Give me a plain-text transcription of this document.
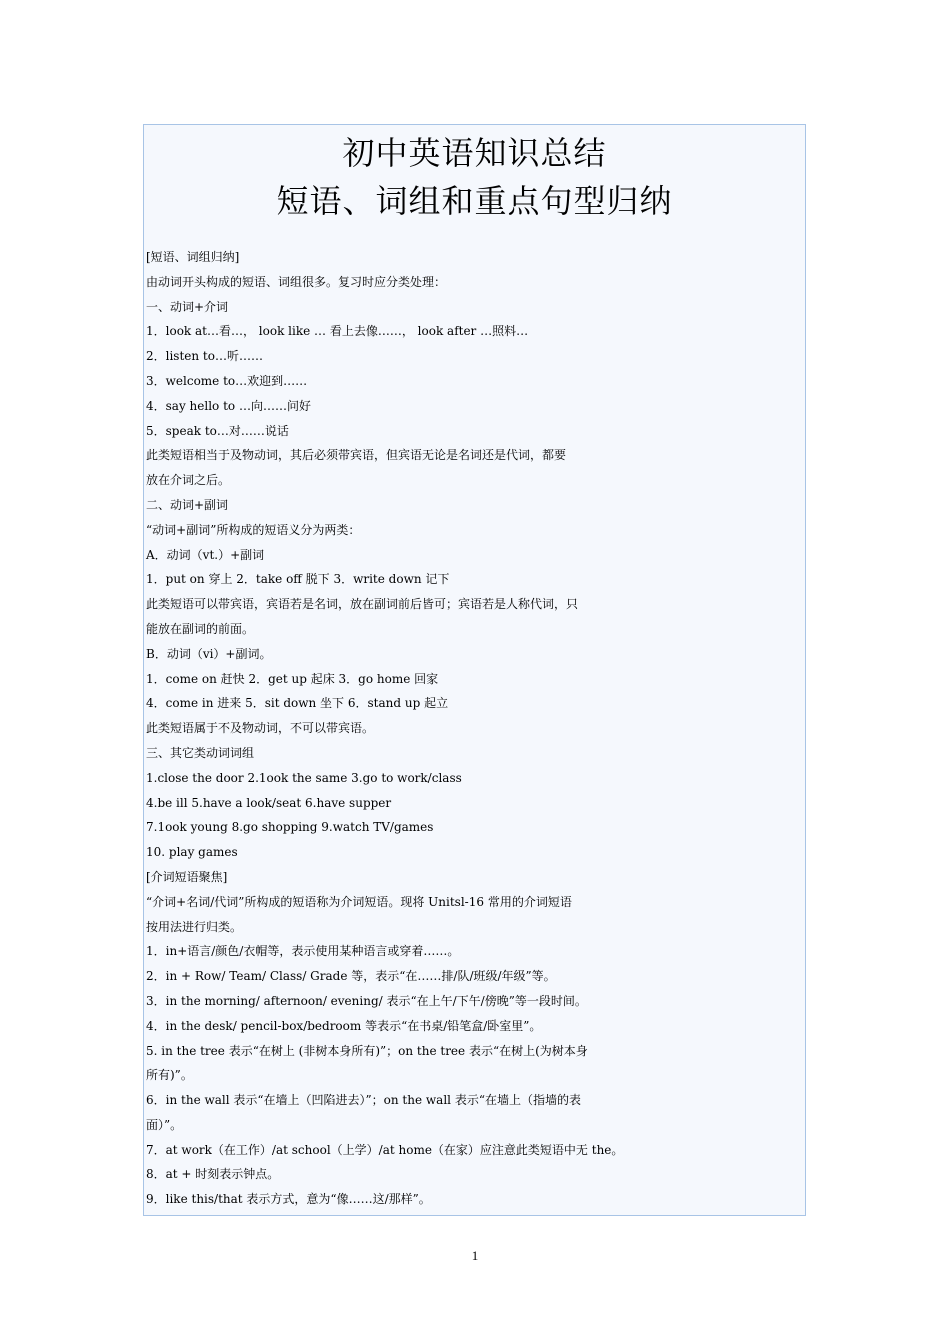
初中英语知识总结
短语、词组和重点句型归纳
[短语、词组归纳]
由动词开头构成的短语、词组很多。复习时应分类处理：
一、动词+介词
1．look at…看…， look like … 看上去像……， look after …照料…
2．listen to…听……
3．welcome to…欢迎到……
4．say hello to …向……问好
5．speak to…对……说话
此类短语相当于及物动词，其后必须带宾语，但宾语无论是名词还是代词，都要
放在介词之后。
二、动词+副词
“动词+副词”所构成的短语义分为两类：
A．动词（vt.）+副词
1．put on 穿上 2．take off 脱下 3．write down 记下
此类短语可以带宾语，宾语若是名词，放在副词前后皆可；宾语若是人称代词，只
能放在副词的前面。
B．动词（vi）+副词。
1．come on 赶快 2．get up 起床 3．go home 回家
4．come in 进来 5．sit down 坐下 6．stand up 起立
此类短语属于不及物动词，不可以带宾语。
三、其它类动词词组
1.close the door 2.1ook the same 3.go to work/class
4.be ill 5.have a look/seat 6.have supper
7.1ook young 8.go shopping 9.watch TV/games
10. play games
[介词短语聚焦]
“介词+名词/代词”所构成的短语称为介词短语。现将 Unitsl-16 常用的介词短语
按用法进行归类。
1．in+语言/颜色/衣帽等，表示使用某种语言或穿着……。
2．in + Row/ Team/ Class/ Grade 等，表示“在……排/队/班级/年级”等。
3．in the morning/ afternoon/ evening/ 表示“在上午/下午/傍晚”等一段时间。
4．in the desk/ pencil-box/bedroom 等表示“在书桌/铅笔盒/卧室里”。
5. in the tree 表示“在树上 (非树本身所有)”；on the tree 表示“在树上(为树本身
所有)”。
6．in the wall 表示“在墙上（凹陷进去）”；on the wall 表示“在墙上（指墙的表
面）”。
7．at work（在工作）/at school（上学）/at home（在家）应注意此类短语中无 the。
8．at + 时刻表示钟点。
9．like this/that 表示方式，意为“像……这/那样”。
1
